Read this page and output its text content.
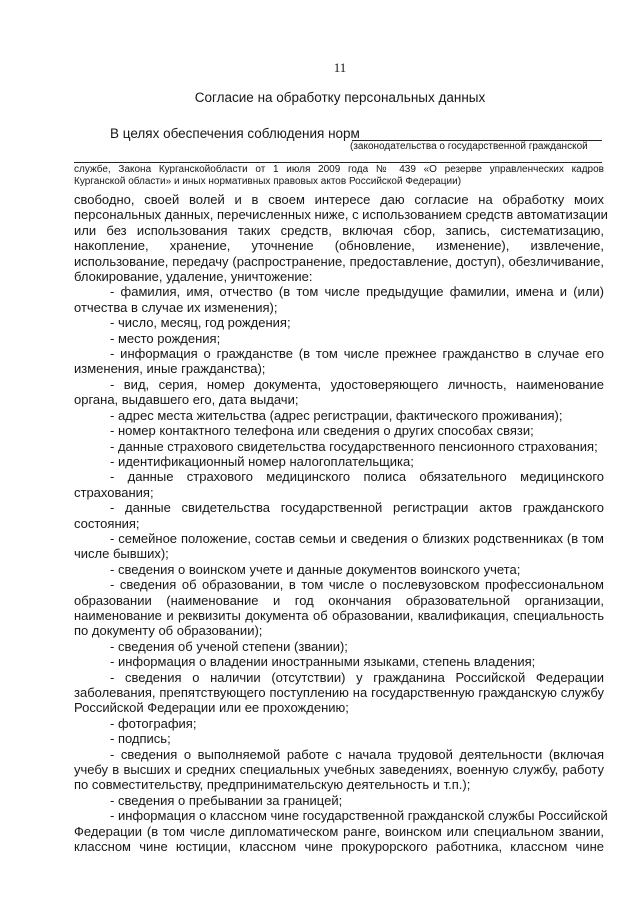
11
Согласие на обработку персональных данных
В целях обеспечения соблюдения норм
(законодательства о государственной гражданской
службе, Закона Курганскойобласти от 1 июля 2009 года № 439 «О резерве управленческих кадров
Курганской области» и иных нормативных правовых актов Российской Федерации)
свободно, своей волей и в своем интересе даю согласие на обработку моих
персональных данных, перечисленных ниже, с использованием средств автоматизации
или без использования таких средств, включая сбор, запись, систематизацию,
накопление, хранение, уточнение (обновление, изменение), извлечение,
использование, передачу (распространение, предоставление, доступ), обезличивание,
блокирование, удаление, уничтожение:
- фамилия, имя, отчество (в том числе предыдущие фамилии, имена и (или)
отчества в случае их изменения);
- число, месяц, год рождения;
- место рождения;
- информация о гражданстве (в том числе прежнее гражданство в случае его
изменения, иные гражданства);
- вид, серия, номер документа, удостоверяющего личность, наименование
органа, выдавшего его, дата выдачи;
- адрес места жительства (адрес регистрации, фактического проживания);
- номер контактного телефона или сведения о других способах связи;
- данные страхового свидетельства государственного пенсионного страхования;
- идентификационный номер налогоплательщика;
- данные страхового медицинского полиса обязательного медицинского
страхования;
- данные свидетельства государственной регистрации актов гражданского
состояния;
- семейное положение, состав семьи и сведения о близких родственниках (в том
числе бывших);
- сведения о воинском учете и данные документов воинского учета;
- сведения об образовании, в том числе о послевузовском профессиональном
образовании (наименование и год окончания образовательной организации,
наименование и реквизиты документа об образовании, квалификация, специальность
по документу об образовании);
- сведения об ученой степени (звании);
- информация о владении иностранными языками, степень владения;
- сведения о наличии (отсутствии) у гражданина Российской Федерации
заболевания, препятствующего поступлению на государственную гражданскую службу
Российской Федерации или ее прохождению;
- фотография;
- подпись;
- сведения о выполняемой работе с начала трудовой деятельности (включая
учебу в высших и средних специальных учебных заведениях, военную службу, работу
по совместительству, предпринимательскую деятельность и т.п.);
- сведения о пребывании за границей;
- информация о классном чине государственной гражданской службы Российской
Федерации (в том числе дипломатическом ранге, воинском или специальном звании,
классном чине юстиции, классном чине прокурорского работника, классном чине
